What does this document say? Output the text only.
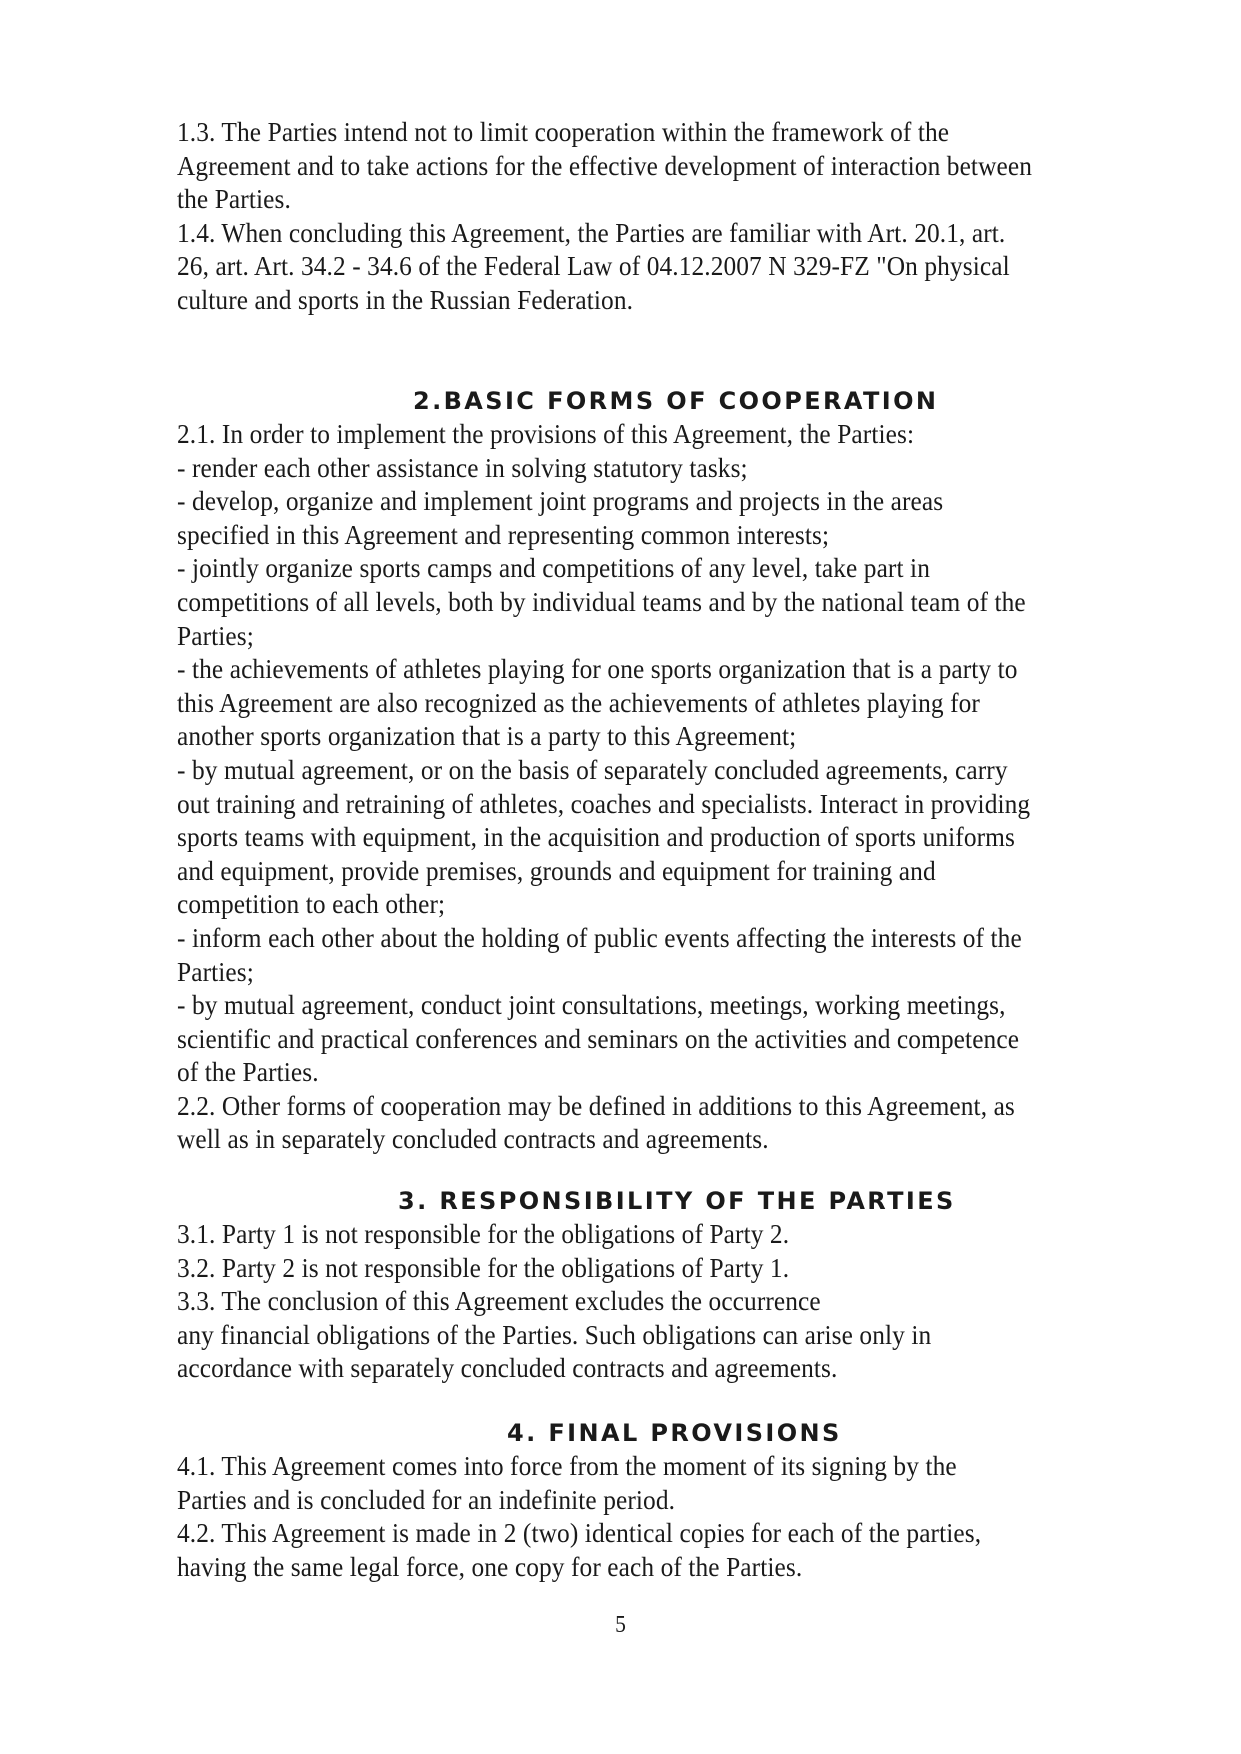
1.3. The Parties intend not to limit cooperation within the framework of the
Agreement and to take actions for the effective development of interaction between
the Parties.
1.4. When concluding this Agreement, the Parties are familiar with Art. 20.1, art.
26, art. Art. 34.2 - 34.6 of the Federal Law of 04.12.2007 N 329-FZ "On physical
culture and sports in the Russian Federation.
2.BASIC FORMS OF COOPERATION
2.1. In order to implement the provisions of this Agreement, the Parties:
- render each other assistance in solving statutory tasks;
- develop, organize and implement joint programs and projects in the areas
specified in this Agreement and representing common interests;
- jointly organize sports camps and competitions of any level, take part in
competitions of all levels, both by individual teams and by the national team of the
Parties;
- the achievements of athletes playing for one sports organization that is a party to
this Agreement are also recognized as the achievements of athletes playing for
another sports organization that is a party to this Agreement;
- by mutual agreement, or on the basis of separately concluded agreements, carry
out training and retraining of athletes, coaches and specialists. Interact in providing
sports teams with equipment, in the acquisition and production of sports uniforms
and equipment, provide premises, grounds and equipment for training and
competition to each other;
- inform each other about the holding of public events affecting the interests of the
Parties;
- by mutual agreement, conduct joint consultations, meetings, working meetings,
scientific and practical conferences and seminars on the activities and competence
of the Parties.
2.2. Other forms of cooperation may be defined in additions to this Agreement, as
well as in separately concluded contracts and agreements.
3. RESPONSIBILITY OF THE PARTIES
3.1. Party 1 is not responsible for the obligations of Party 2.
3.2. Party 2 is not responsible for the obligations of Party 1.
3.3. The conclusion of this Agreement excludes the occurrence
any financial obligations of the Parties. Such obligations can arise only in
accordance with separately concluded contracts and agreements.
4. FINAL PROVISIONS
4.1. This Agreement comes into force from the moment of its signing by the
Parties and is concluded for an indefinite period.
4.2. This Agreement is made in 2 (two) identical copies for each of the parties,
having the same legal force, one copy for each of the Parties.
5
